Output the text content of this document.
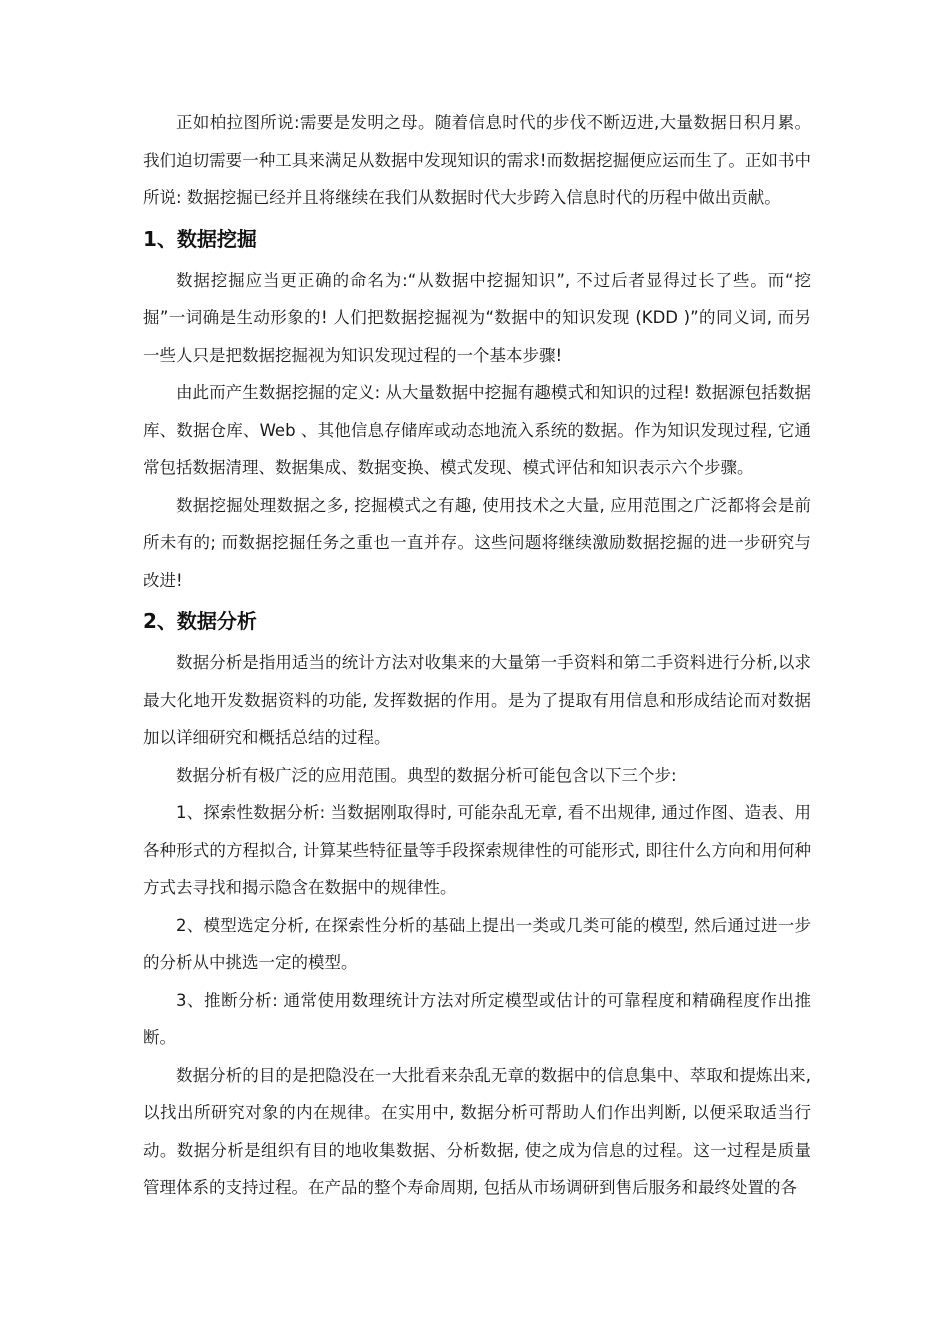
正如柏拉图所说:需要是发明之母。随着信息时代的步伐不断迈进,大量数据日积月累。我们迫切需要一种工具来满足从数据中发现知识的需求!而数据挖掘便应运而生了。正如书中所说: 数据挖掘已经并且将继续在我们从数据时代大步跨入信息时代的历程中做出贡献。

1、数据挖掘

数据挖掘应当更正确的命名为:“从数据中挖掘知识”, 不过后者显得过长了些。而“挖掘”一词确是生动形象的! 人们把数据挖掘视为“数据中的知识发现 (KDD )”的同义词, 而另一些人只是把数据挖掘视为知识发现过程的一个基本步骤!

由此而产生数据挖掘的定义: 从大量数据中挖掘有趣模式和知识的过程! 数据源包括数据库、数据仓库、Web 、其他信息存储库或动态地流入系统的数据。作为知识发现过程, 它通常包括数据清理、数据集成、数据变换、模式发现、模式评估和知识表示六个步骤。

数据挖掘处理数据之多, 挖掘模式之有趣, 使用技术之大量, 应用范围之广泛都将会是前所未有的; 而数据挖掘任务之重也一直并存。这些问题将继续激励数据挖掘的进一步研究与改进!

2、数据分析

数据分析是指用适当的统计方法对收集来的大量第一手资料和第二手资料进行分析,以求最大化地开发数据资料的功能, 发挥数据的作用。是为了提取有用信息和形成结论而对数据加以详细研究和概括总结的过程。

数据分析有极广泛的应用范围。典型的数据分析可能包含以下三个步:

1、探索性数据分析: 当数据刚取得时, 可能杂乱无章, 看不出规律, 通过作图、造表、用各种形式的方程拟合, 计算某些特征量等手段探索规律性的可能形式, 即往什么方向和用何种方式去寻找和揭示隐含在数据中的规律性。

2、模型选定分析, 在探索性分析的基础上提出一类或几类可能的模型, 然后通过进一步的分析从中挑选一定的模型。

3、推断分析: 通常使用数理统计方法对所定模型或估计的可靠程度和精确程度作出推断。

数据分析的目的是把隐没在一大批看来杂乱无章的数据中的信息集中、萃取和提炼出来,以找出所研究对象的内在规律。在实用中, 数据分析可帮助人们作出判断, 以便采取适当行动。数据分析是组织有目的地收集数据、分析数据, 使之成为信息的过程。这一过程是质量管理体系的支持过程。在产品的整个寿命周期, 包括从市场调研到售后服务和最终处置的各
